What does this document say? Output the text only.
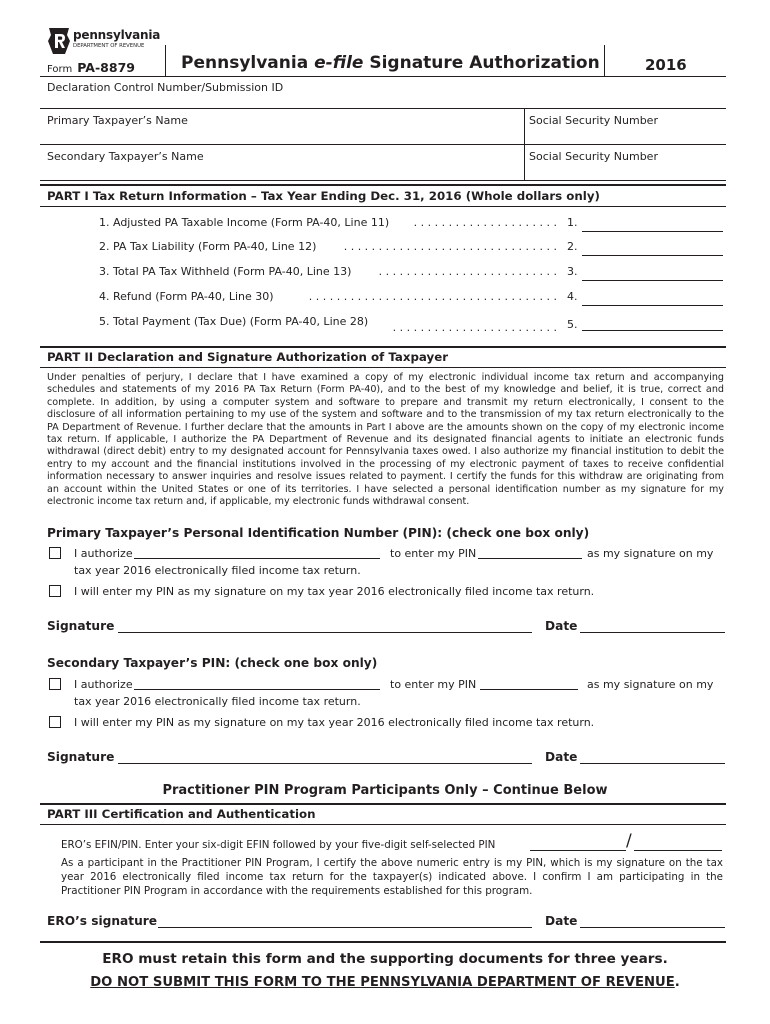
pennsylvania
DEPARTMENT OF REVENUE
Form PA-8879	Pennsylvania e-file Signature Authorization	2016
Declaration Control Number/Submission ID
Primary Taxpayer’s Name	Social Security Number
Secondary Taxpayer’s Name	Social Security Number
PART I Tax Return Information – Tax Year Ending Dec. 31, 2016 (Whole dollars only)
1. Adjusted PA Taxable Income (Form PA-40, Line 11) . . . . . . . . . . . . . . . . . . . . . 1.
2. PA Tax Liability (Form PA-40, Line 12) . . . . . . . . . . . . . . . . . . . . . . . . . . . . . . . 2.
3. Total PA Tax Withheld (Form PA-40, Line 13) . . . . . . . . . . . . . . . . . . . . . . . . . . 3.
4. Refund (Form PA-40, Line 30)	. . . . . . . . . . . . . . . . . . . . . . . . . . . . . . . . . . . . 4.
5. Total Payment (Tax Due) (Form PA-40, Line 28) . . . . . . . . . . . . . . . . . . . . . . . . 5.
PART II Declaration and Signature Authorization of Taxpayer
Under penalties of perjury, I declare that I have examined a copy of my electronic individual income tax return and accompanying schedules and statements of my 2016 PA Tax Return (Form PA-40), and to the best of my knowledge and belief, it is true, correct and complete. In addition, by using a computer system and software to prepare and transmit my return electronically, I consent to the disclosure of all information pertaining to my use of the system and software and to the transmission of my tax return electronically to the PA Department of Revenue. I further declare that the amounts in Part I above are the amounts shown on the copy of my electronic income tax return. If applicable, I authorize the PA Department of Revenue and its designated financial agents to initiate an electronic funds withdrawal (direct debit) entry to my designated account for Pennsylvania taxes owed. I also authorize my financial institution to debit the entry to my account and the financial institutions involved in the processing of my electronic payment of taxes to receive confidential information necessary to answer inquiries and resolve issues related to payment. I certify the funds for this withdraw are originating from an account within the United States or one of its territories. I have selected a personal identification number as my signature for my electronic income tax return and, if applicable, my electronic funds withdrawal consent.
Primary Taxpayer’s Personal Identification Number (PIN): (check one box only)
I authorize	to enter my PIN	as my signature on my
tax year 2016 electronically filed income tax return.
I will enter my PIN as my signature on my tax year 2016 electronically filed income tax return.
Signature	Date
Secondary Taxpayer’s PIN: (check one box only)
I authorize	to enter my PIN	as my signature on my
tax year 2016 electronically filed income tax return.
I will enter my PIN as my signature on my tax year 2016 electronically filed income tax return.
Signature	Date
Practitioner PIN Program Participants Only – Continue Below
PART III Certification and Authentication
ERO’s EFIN/PIN. Enter your six-digit EFIN followed by your five-digit self-selected PIN	/
As a participant in the Practitioner PIN Program, I certify the above numeric entry is my PIN, which is my signature on the tax year 2016 electronically filed income tax return for the taxpayer(s) indicated above. I confirm I am participating in the Practitioner PIN Program in accordance with the requirements established for this program.
ERO’s signature	Date
ERO must retain this form and the supporting documents for three years.
DO NOT SUBMIT THIS FORM TO THE PENNSYLVANIA DEPARTMENT OF REVENUE.
